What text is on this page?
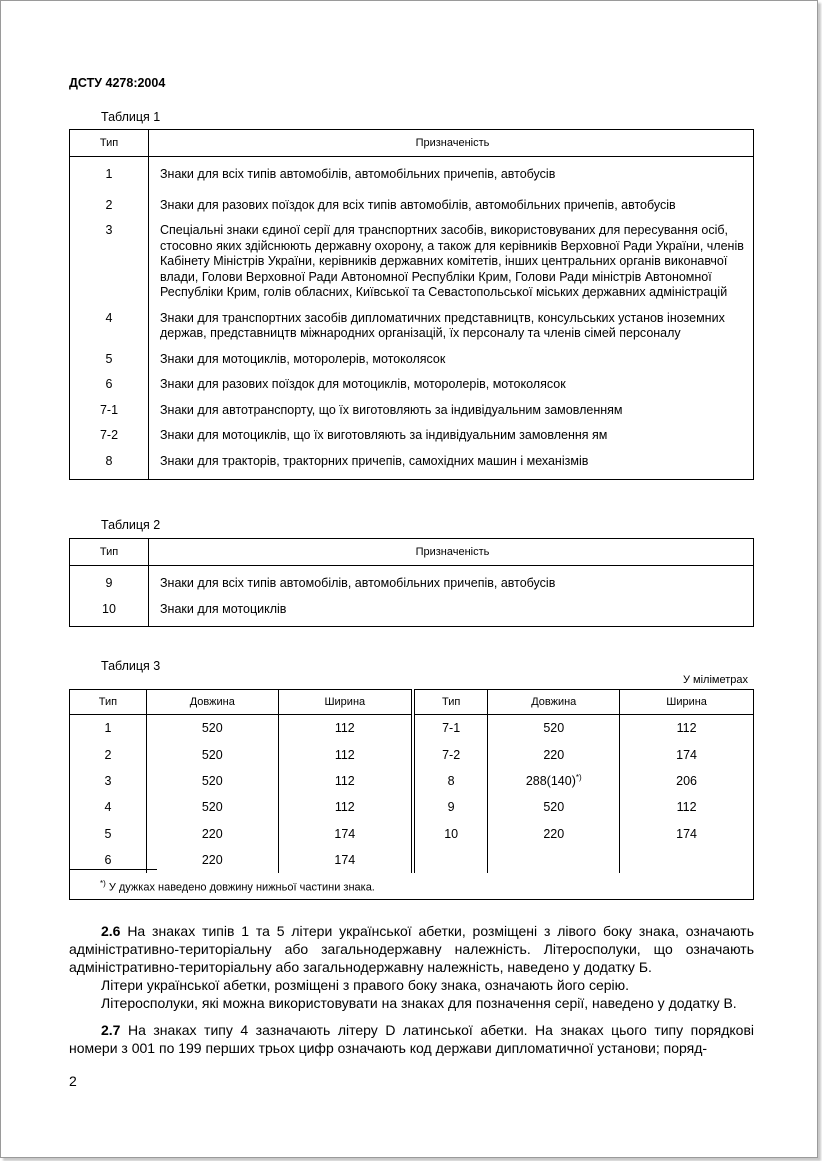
ДСТУ 4278:2004
Таблиця 1
Тип	Призначеність
1	Знаки для всіх типів автомобілів, автомобільних причепів, автобусів
2	Знаки для разових поїздок для всіх типів автомобілів, автомобільних причепів, автобусів
3	Спеціальні знаки єдиної серії для транспортних засобів, використовуваних для пересування осіб, стосовно яких здійснюють державну охорону, а також для керівників Верховної Ради України, членів Кабінету Міністрів України, керівників державних комітетів, інших центральних органів виконавчої влади, Голови Верховної Ради Автономної Республіки Крим, Голови Ради міністрів Автономної Республіки Крим, голів обласних, Київської та Севастопольської міських державних адміністрацій
4	Знаки для транспортних засобів дипломатичних представництв, консульських установ іноземних держав, представництв міжнародних організацій, їх персоналу та членів сімей персоналу
5	Знаки для мотоциклів, моторолерів, мотоколясок
6	Знаки для разових поїздок для мотоциклів, моторолерів, мотоколясок
7-1	Знаки для автотранспорту, що їх виготовляють за індивідуальним замовленням
7-2	Знаки для мотоциклів, що їх виготовляють за індивідуальним замовлення ям
8	Знаки для тракторів, тракторних причепів, самохідних машин і механізмів
Таблиця 2
Тип	Призначеність
9	Знаки для всіх типів автомобілів, автомобільних причепів, автобусів
10	Знаки для мотоциклів
Таблиця 3
У міліметрах
Тип	Довжина	Ширина	Тип	Довжина	Ширина
1	520	112	7-1	520	112
2	520	112	7-2	220	174
3	520	112	8	288(140)*)	206
4	520	112	9	520	112
5	220	174	10	220	174
6	220	174			
*) У дужках наведено довжину нижньої частини знака.					

2.6 На знаках типів 1 та 5 літери української абетки, розміщені з лівого боку знака, означають адміністративно-територіальну або загальнодержавну належність. Літеросполуки, що означають адміністративно-територіальну або загальнодержавну належність, наведено у додатку Б.

Літери української абетки, розміщені з правого боку знака, означають його серію.

Літеросполуки, які можна використовувати на знаках для позначення серії, наведено у додатку В.

2.7 На знаках типу 4 зазначають літеру D латинської абетки. На знаках цього типу порядкові номери з 001 по 199 перших трьох цифр означають код держави дипломатичної установи; поряд-

2
